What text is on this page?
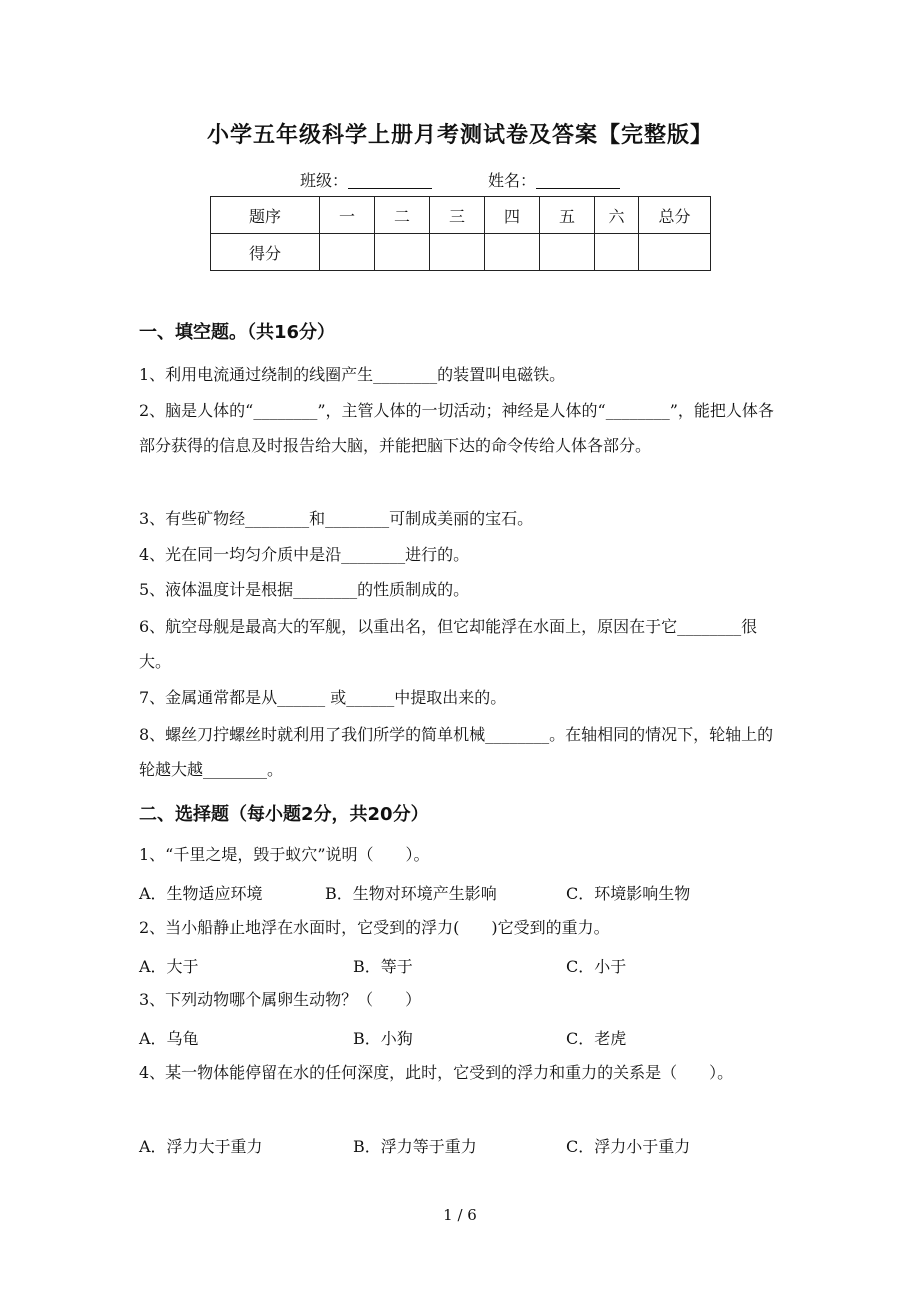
小学五年级科学上册月考测试卷及答案【完整版】
班级：	姓名：
题序	一	二	三	四	五	六	总分
得分							
一、填空题。（共16分）
1、利用电流通过绕制的线圈产生________的装置叫电磁铁。
2、脑是人体的“________”，主管人体的一切活动；神经是人体的“________”，能把人体各部分获得的信息及时报告给大脑，并能把脑下达的命令传给人体各部分。
3、有些矿物经________和________可制成美丽的宝石。
4、光在同一均匀介质中是沿________进行的。
5、液体温度计是根据________的性质制成的。
6、航空母舰是最高大的军舰，以重出名，但它却能浮在水面上，原因在于它________很大。
7、金属通常都是从______ 或______中提取出来的。
8、螺丝刀拧螺丝时就利用了我们所学的简单机械________。在轴相同的情况下，轮轴上的轮越大越________。
二、选择题（每小题2分，共20分）
1、“千里之堤，毁于蚁穴”说明（　　）。
A．生物适应环境	B．生物对环境产生影响	C．环境影响生物
2、当小船静止地浮在水面时，它受到的浮力(　　)它受到的重力。
A．大于	B．等于	C．小于
3、下列动物哪个属卵生动物？（　　）
A．乌龟	B．小狗	C．老虎
4、某一物体能停留在水的任何深度，此时，它受到的浮力和重力的关系是（　　）。
A．浮力大于重力	B．浮力等于重力	C．浮力小于重力
1 / 6
